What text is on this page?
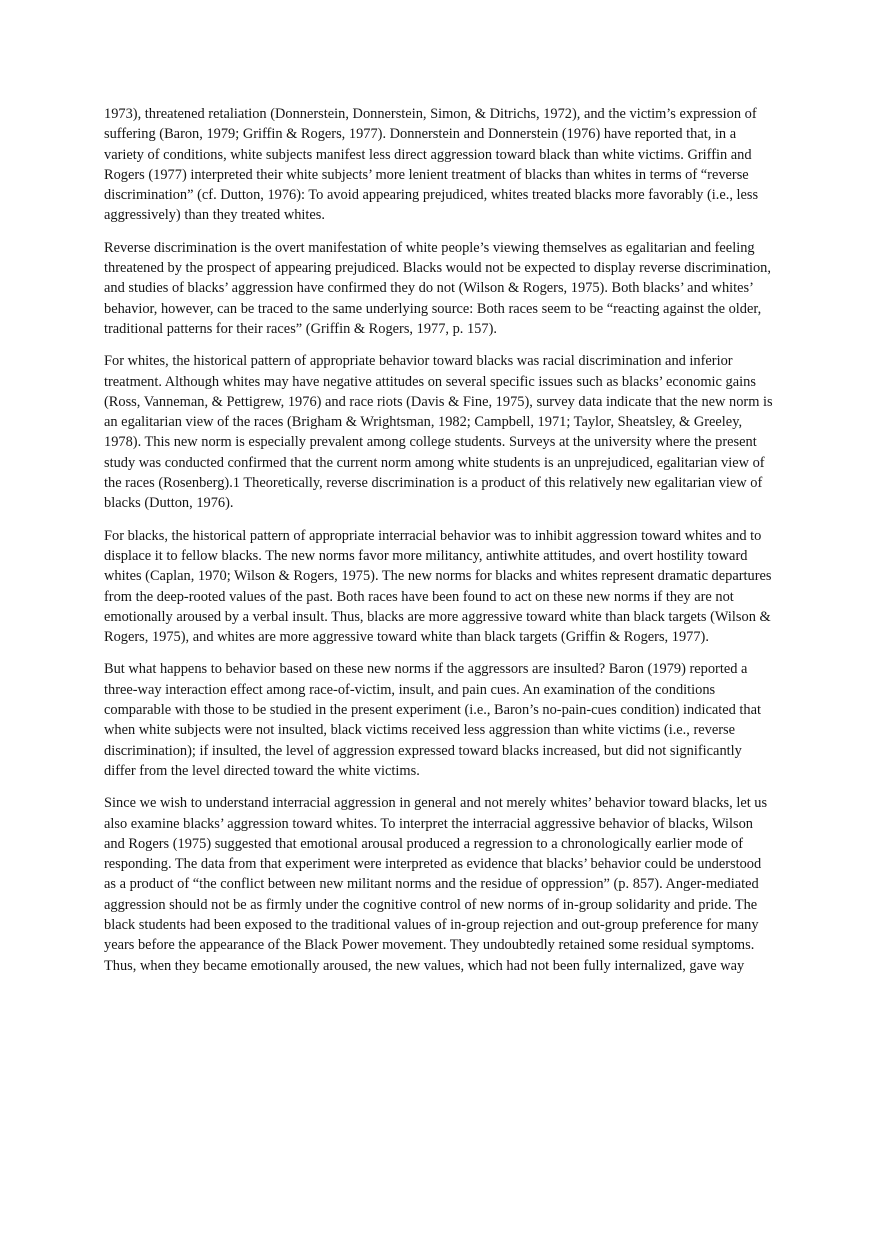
1973), threatened retaliation (Donnerstein, Donnerstein, Simon, & Ditrichs, 1972), and the victim’s expression of suffering (Baron, 1979; Griffin & Rogers, 1977). Donnerstein and Donnerstein (1976) have reported that, in a variety of conditions, white subjects manifest less direct aggression toward black than white victims. Griffin and Rogers (1977) interpreted their white subjects’ more lenient treatment of blacks than whites in terms of “reverse discrimination” (cf. Dutton, 1976): To avoid appearing prejudiced, whites treated blacks more favorably (i.e., less aggressively) than they treated whites.

Reverse discrimination is the overt manifestation of white people’s viewing themselves as egalitarian and feeling threatened by the prospect of appearing prejudiced. Blacks would not be expected to display reverse discrimination, and studies of blacks’ aggression have confirmed they do not (Wilson & Rogers, 1975). Both blacks’ and whites’ behavior, however, can be traced to the same underlying source: Both races seem to be “reacting against the older, traditional patterns for their races” (Griffin & Rogers, 1977, p. 157).

For whites, the historical pattern of appropriate behavior toward blacks was racial discrimination and inferior treatment. Although whites may have negative attitudes on several specific issues such as blacks’ economic gains (Ross, Vanneman, & Pettigrew, 1976) and race riots (Davis & Fine, 1975), survey data indicate that the new norm is an egalitarian view of the races (Brigham & Wrightsman, 1982; Campbell, 1971; Taylor, Sheatsley, & Greeley, 1978). This new norm is especially prevalent among college students. Surveys at the university where the present study was conducted confirmed that the current norm among white students is an unprejudiced, egalitarian view of the races (Rosenberg).1 Theoretically, reverse discrimination is a product of this relatively new egalitarian view of blacks (Dutton, 1976).

For blacks, the historical pattern of appropriate interracial behavior was to inhibit aggression toward whites and to displace it to fellow blacks. The new norms favor more militancy, antiwhite attitudes, and overt hostility toward whites (Caplan, 1970; Wilson & Rogers, 1975). The new norms for blacks and whites represent dramatic departures from the deep-rooted values of the past. Both races have been found to act on these new norms if they are not emotionally aroused by a verbal insult. Thus, blacks are more aggressive toward white than black targets (Wilson & Rogers, 1975), and whites are more aggressive toward white than black targets (Griffin & Rogers, 1977).

But what happens to behavior based on these new norms if the aggressors are insulted? Baron (1979) reported a three-way interaction effect among race-of-victim, insult, and pain cues. An examination of the conditions comparable with those to be studied in the present experiment (i.e., Baron’s no-pain-cues condition) indicated that when white subjects were not insulted, black victims received less aggression than white victims (i.e., reverse discrimination); if insulted, the level of aggression expressed toward blacks increased, but did not significantly differ from the level directed toward the white victims.

Since we wish to understand interracial aggression in general and not merely whites’ behavior toward blacks, let us also examine blacks’ aggression toward whites. To interpret the interracial aggressive behavior of blacks, Wilson and Rogers (1975) suggested that emotional arousal produced a regression to a chronologically earlier mode of responding. The data from that experiment were interpreted as evidence that blacks’ behavior could be understood as a product of “the conflict between new militant norms and the residue of oppression” (p. 857). Anger-mediated aggression should not be as firmly under the cognitive control of new norms of in-group solidarity and pride. The black students had been exposed to the traditional values of in-group rejection and out-group preference for many years before the appearance of the Black Power movement. They undoubtedly retained some residual symptoms. Thus, when they became emotionally aroused, the new values, which had not been fully internalized, gave way
